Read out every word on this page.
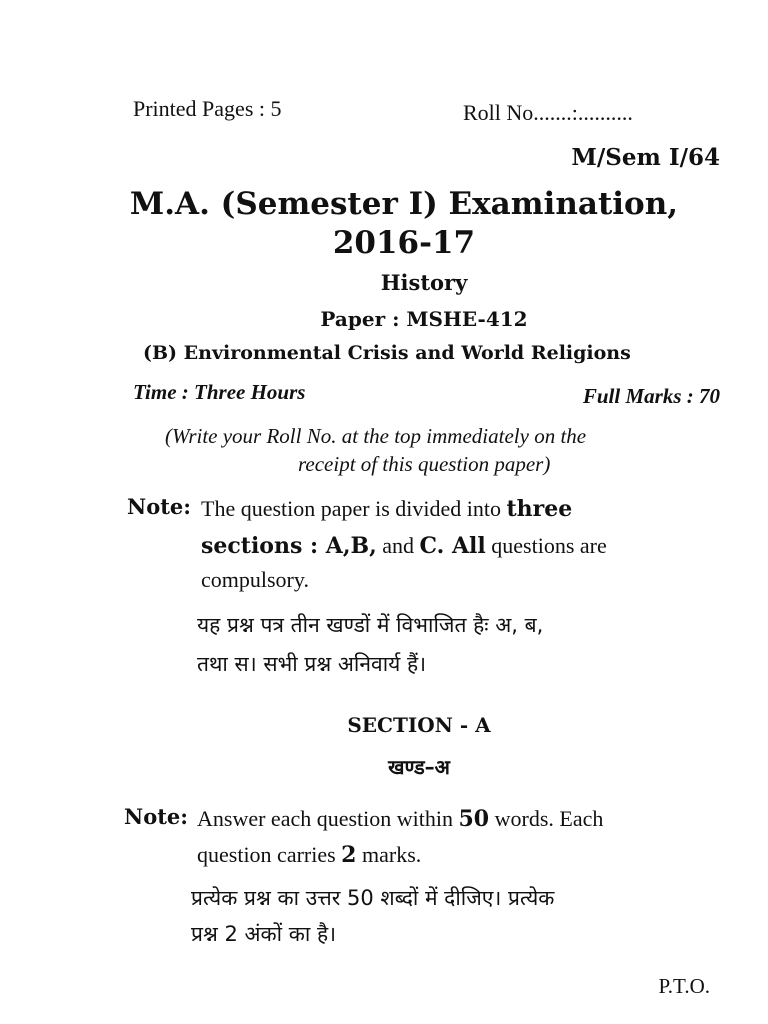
Printed Pages : 5	Roll No.......:..........
M/Sem I/64
M.A. (Semester I) Examination,
2016-17
History
Paper : MSHE-412
(B) Environmental Crisis and World Religions
Time : Three Hours	Full Marks : 70
(Write your Roll No. at the top immediately on the
receipt of this question paper)
Note: The question paper is divided into three
sections : A,B, and C. All questions are
compulsory.
यह प्रश्न पत्र तीन खण्डों में विभाजित हैः अ, ब,
तथा स। सभी प्रश्न अनिवार्य हैं।
SECTION - A
खण्ड–अ
Note: Answer each question within 50 words. Each
question carries 2 marks.
प्रत्येक प्रश्न का उत्तर 50 शब्दों में दीजिए। प्रत्येक
प्रश्न 2 अंकों का है।
P.T.O.
